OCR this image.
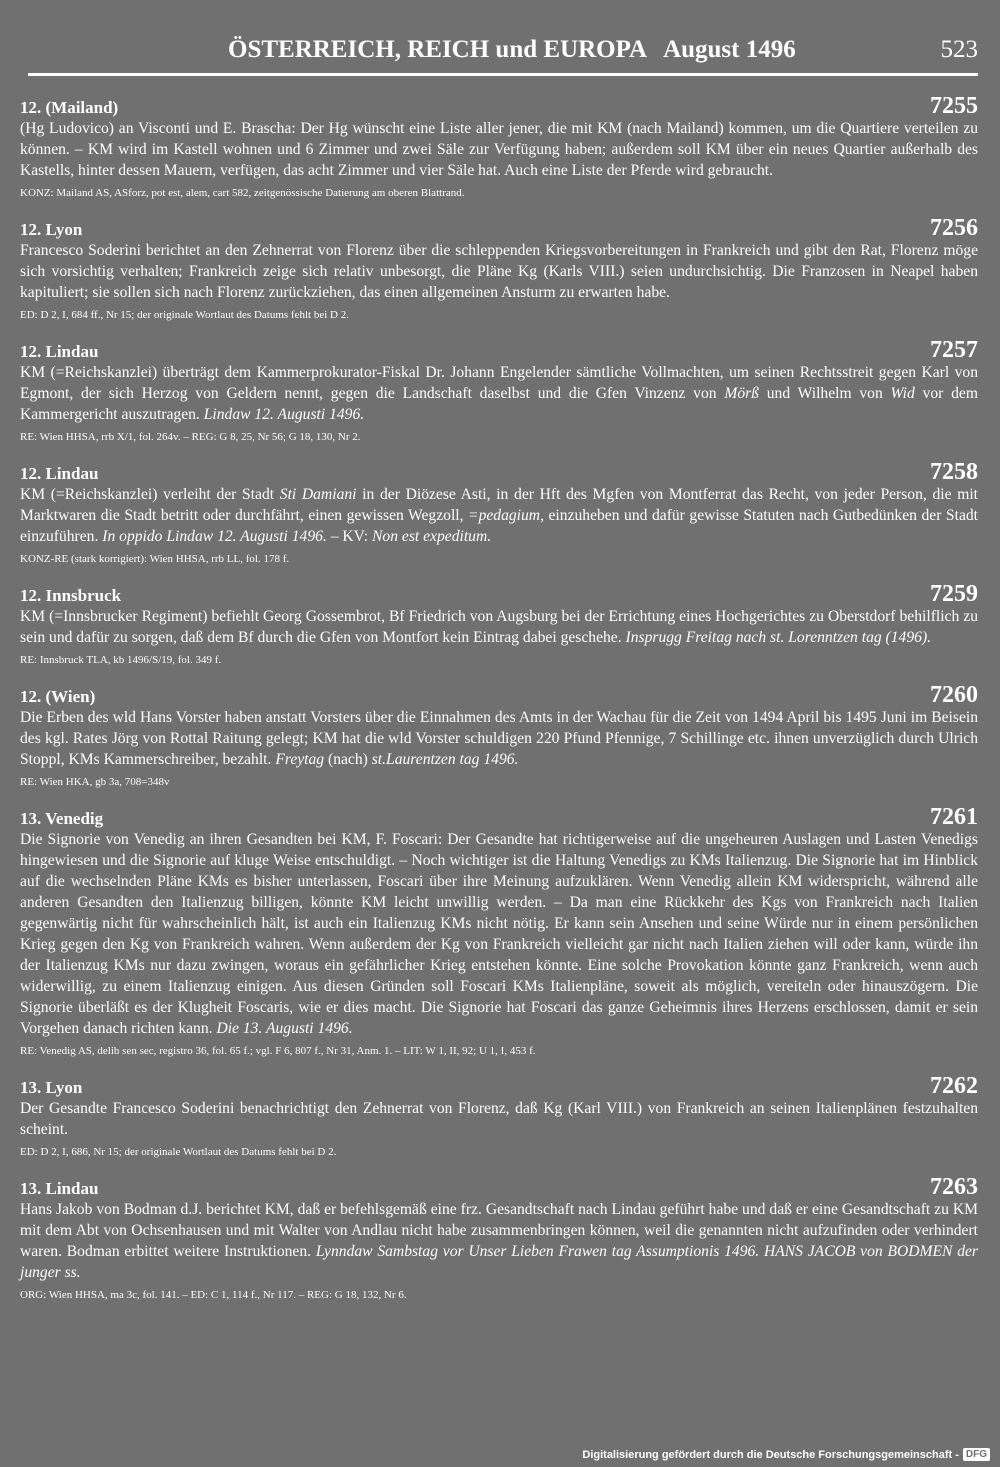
ÖSTERREICH, REICH und EUROPA   August 1496	523
12. (Mailand)	7255
(Hg Ludovico) an Visconti und E. Brascha: Der Hg wünscht eine Liste aller jener, die mit KM (nach Mailand) kommen, um die Quartiere verteilen zu können. – KM wird im Kastell wohnen und 6 Zimmer und zwei Säle zur Verfügung haben; außerdem soll KM über ein neues Quartier außerhalb des Kastells, hinter dessen Mauern, verfügen, das acht Zimmer und vier Säle hat. Auch eine Liste der Pferde wird gebraucht.
KONZ: Mailand AS, ASforz, pot est, alem, cart 582, zeitgenössische Datierung am oberen Blattrand.
12. Lyon	7256
Francesco Soderini berichtet an den Zehnerrat von Florenz über die schleppenden Kriegsvorbereitungen in Frankreich und gibt den Rat, Florenz möge sich vorsichtig verhalten; Frankreich zeige sich relativ unbesorgt, die Pläne Kg (Karls VIII.) seien undurchsichtig. Die Franzosen in Neapel haben kapituliert; sie sollen sich nach Florenz zurückziehen, das einen allgemeinen Ansturm zu erwarten habe.
ED: D 2, I, 684 ff., Nr 15; der originale Wortlaut des Datums fehlt bei D 2.
12. Lindau	7257
KM (=Reichskanzlei) überträgt dem Kammerprokurator-Fiskal Dr. Johann Engelender sämtliche Vollmachten, um seinen Rechtsstreit gegen Karl von Egmont, der sich Herzog von Geldern nennt, gegen die Landschaft daselbst und die Gfen Vinzenz von Mörß und Wilhelm von Wid vor dem Kammergericht auszutragen. Lindaw 12. Augusti 1496.
RE: Wien HHSA, rrb X/1, fol. 264v. – REG: G 8, 25, Nr 56; G 18, 130, Nr 2.
12. Lindau	7258
KM (=Reichskanzlei) verleiht der Stadt Sti Damiani in der Diözese Asti, in der Hft des Mgfen von Montferrat das Recht, von jeder Person, die mit Marktwaren die Stadt betritt oder durchfährt, einen gewissen Wegzoll, =pedagium, einzuheben und dafür gewisse Statuten nach Gutbedünken der Stadt einzuführen. In oppido Lindaw 12. Augusti 1496. – KV: Non est expeditum.
KONZ-RE (stark korrigiert): Wien HHSA, rrb LL, fol. 178 f.
12. Innsbruck	7259
KM (=Innsbrucker Regiment) befiehlt Georg Gossembrot, Bf Friedrich von Augsburg bei der Errichtung eines Hochgerichtes zu Oberstdorf behilflich zu sein und dafür zu sorgen, daß dem Bf durch die Gfen von Montfort kein Eintrag dabei geschehe. Insprugg Freitag nach st. Lorenntzen tag (1496).
RE: Innsbruck TLA, kb 1496/S/19, fol. 349 f.
12. (Wien)	7260
Die Erben des wld Hans Vorster haben anstatt Vorsters über die Einnahmen des Amts in der Wachau für die Zeit von 1494 April bis 1495 Juni im Beisein des kgl. Rates Jörg von Rottal Raitung gelegt; KM hat die wld Vorster schuldigen 220 Pfund Pfennige, 7 Schillinge etc. ihnen unverzüglich durch Ulrich Stoppl, KMs Kammerschreiber, bezahlt. Freytag (nach) st.Laurentzen tag 1496.
RE: Wien HKA, gb 3a, 708=348v
13. Venedig	7261
Die Signorie von Venedig an ihren Gesandten bei KM, F. Foscari: Der Gesandte hat richtigerweise auf die ungeheuren Auslagen und Lasten Venedigs hingewiesen und die Signorie auf kluge Weise entschuldigt. – Noch wichtiger ist die Haltung Venedigs zu KMs Italienzug. Die Signorie hat im Hinblick auf die wechselnden Pläne KMs es bisher unterlassen, Foscari über ihre Meinung aufzuklären. Wenn Venedig allein KM widerspricht, während alle anderen Gesandten den Italienzug billigen, könnte KM leicht unwillig werden. – Da man eine Rückkehr des Kgs von Frankreich nach Italien gegenwärtig nicht für wahrscheinlich hält, ist auch ein Italienzug KMs nicht nötig. Er kann sein Ansehen und seine Würde nur in einem persönlichen Krieg gegen den Kg von Frankreich wahren. Wenn außerdem der Kg von Frankreich vielleicht gar nicht nach Italien ziehen will oder kann, würde ihn der Italienzug KMs nur dazu zwingen, woraus ein gefährlicher Krieg entstehen könnte. Eine solche Provokation könnte ganz Frankreich, wenn auch widerwillig, zu einem Italienzug einigen. Aus diesen Gründen soll Foscari KMs Italienpläne, soweit als möglich, vereiteln oder hinauszögern. Die Signorie überläßt es der Klugheit Foscaris, wie er dies macht. Die Signorie hat Foscari das ganze Geheimnis ihres Herzens erschlossen, damit er sein Vorgehen danach richten kann. Die 13. Augusti 1496.
RE: Venedig AS, delib sen sec, registro 36, fol. 65 f.; vgl. F 6, 807 f., Nr 31, Anm. 1. – LIT: W 1, II, 92; U 1, I, 453 f.
13. Lyon	7262
Der Gesandte Francesco Soderini benachrichtigt den Zehnerrat von Florenz, daß Kg (Karl VIII.) von Frankreich an seinen Italienplänen festzuhalten scheint.
ED: D 2, I, 686, Nr 15; der originale Wortlaut des Datums fehlt bei D 2.
13. Lindau	7263
Hans Jakob von Bodman d.J. berichtet KM, daß er befehlsgemäß eine frz. Gesandtschaft nach Lindau geführt habe und daß er eine Gesandtschaft zu KM mit dem Abt von Ochsenhausen und mit Walter von Andlau nicht habe zusammenbringen können, weil die genannten nicht aufzufinden oder verhindert waren. Bodman erbittet weitere Instruktionen. Lynndaw Sambstag vor Unser Lieben Frawen tag Assumptionis 1496. HANS JACOB von BODMEN der junger ss.
ORG: Wien HHSA, ma 3c, fol. 141. – ED: C 1, 114 f., Nr 117. – REG: G 18, 132, Nr 6.
Digitalisierung gefördert durch die Deutsche Forschungsgemeinschaft - DFG
